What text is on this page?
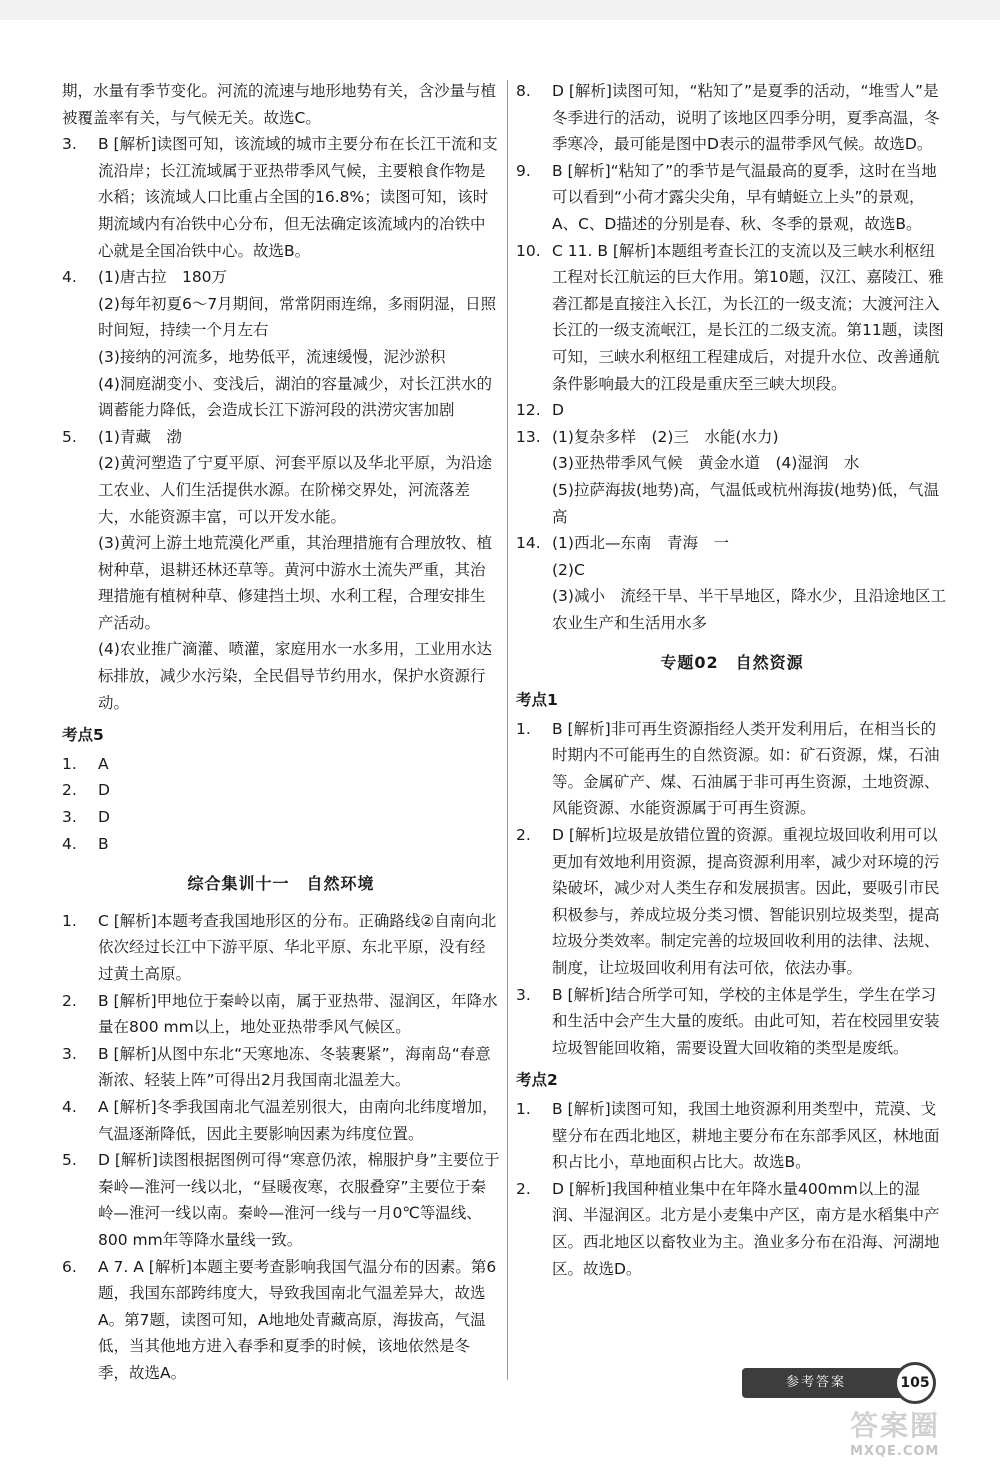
期，水量有季节变化。河流的流速与地形地势有关，含沙量与植被覆盖率有关，与气候无关。故选C。

3.	B [解析]读图可知，该流域的城市主要分布在长江干流和支流沿岸；长江流域属于亚热带季风气候，主要粮食作物是水稻；该流域人口比重占全国的16.8%；读图可知，该时期流域内有冶铁中心分布，但无法确定该流域内的冶铁中心就是全国冶铁中心。故选B。

4.	(1)唐古拉　180万

(2)每年初夏6～7月期间，常常阴雨连绵，多雨阴湿，日照时间短，持续一个月左右

(3)接纳的河流多，地势低平，流速缓慢，泥沙淤积

(4)洞庭湖变小、变浅后，湖泊的容量减少，对长江洪水的调蓄能力降低，会造成长江下游河段的洪涝灾害加剧

5.	(1)青藏　渤

(2)黄河塑造了宁夏平原、河套平原以及华北平原，为沿途工农业、人们生活提供水源。在阶梯交界处，河流落差大，水能资源丰富，可以开发水能。

(3)黄河上游土地荒漠化严重，其治理措施有合理放牧、植树种草，退耕还林还草等。黄河中游水土流失严重，其治理措施有植树种草、修建挡土坝、水利工程，合理安排生产活动。

(4)农业推广滴灌、喷灌，家庭用水一水多用，工业用水达标排放，减少水污染，全民倡导节约用水，保护水资源行动。

考点5

1.	A

2.	D

3.	D

4.	B

综合集训十一　自然环境

1.	C [解析]本题考查我国地形区的分布。正确路线②自南向北依次经过长江中下游平原、华北平原、东北平原，没有经过黄土高原。

2.	B [解析]甲地位于秦岭以南，属于亚热带、湿润区，年降水量在800 mm以上，地处亚热带季风气候区。

3.	B [解析]从图中东北“天寒地冻、冬装裹紧”，海南岛“春意渐浓、轻装上阵”可得出2月我国南北温差大。

4.	A [解析]冬季我国南北气温差别很大，由南向北纬度增加，气温逐渐降低，因此主要影响因素为纬度位置。

5.	D [解析]读图根据图例可得“寒意仍浓，棉服护身”主要位于秦岭—淮河一线以北，“昼暖夜寒，衣服叠穿”主要位于秦岭—淮河一线以南。秦岭—淮河一线与一月0℃等温线、800 mm年等降水量线一致。

6.	A 7. A [解析]本题主要考查影响我国气温分布的因素。第6题，我国东部跨纬度大，导致我国南北气温差异大，故选A。第7题，读图可知，A地地处青藏高原，海拔高，气温低，当其他地方进入春季和夏季的时候，该地依然是冬季，故选A。

8.	D [解析]读图可知，“粘知了”是夏季的活动，“堆雪人”是冬季进行的活动，说明了该地区四季分明，夏季高温，冬季寒冷，最可能是图中D表示的温带季风气候。故选D。

9.	B [解析]“粘知了”的季节是气温最高的夏季，这时在当地可以看到“小荷才露尖尖角，早有蜻蜓立上头”的景观，A、C、D描述的分别是春、秋、冬季的景观，故选B。

10. C 11. B [解析]本题组考查长江的支流以及三峡水利枢纽工程对长江航运的巨大作用。第10题，汉江、嘉陵江、雅砻江都是直接注入长江，为长江的一级支流；大渡河注入长江的一级支流岷江，是长江的二级支流。第11题，读图可知，三峡水利枢纽工程建成后，对提升水位、改善通航条件影响最大的江段是重庆至三峡大坝段。

12. D

13. (1)复杂多样　(2)三　水能(水力)

(3)亚热带季风气候　黄金水道　(4)湿润　水

(5)拉萨海拔(地势)高，气温低或杭州海拔(地势)低，气温高

14. (1)西北—东南　青海　一

(2)C

(3)减小　流经干旱、半干旱地区，降水少，且沿途地区工农业生产和生活用水多

专题02　自然资源
考点1

1.	B [解析]非可再生资源指经人类开发利用后，在相当长的时期内不可能再生的自然资源。如：矿石资源，煤，石油等。金属矿产、煤、石油属于非可再生资源，土地资源、风能资源、水能资源属于可再生资源。

2.	D [解析]垃圾是放错位置的资源。重视垃圾回收利用可以更加有效地利用资源，提高资源利用率，减少对环境的污染破坏，减少对人类生存和发展损害。因此，要吸引市民积极参与，养成垃圾分类习惯、智能识别垃圾类型，提高垃圾分类效率。制定完善的垃圾回收利用的法律、法规、制度，让垃圾回收利用有法可依，依法办事。

3.	B [解析]结合所学可知，学校的主体是学生，学生在学习和生活中会产生大量的废纸。由此可知，若在校园里安装垃圾智能回收箱，需要设置大回收箱的类型是废纸。

考点2

1.	B [解析]读图可知，我国土地资源利用类型中，荒漠、戈壁分布在西北地区，耕地主要分布在东部季风区，林地面积占比小，草地面积占比大。故选B。

2.	D [解析]我国种植业集中在年降水量400mm以上的湿润、半湿润区。北方是小麦集中产区，南方是水稻集中产区。西北地区以畜牧业为主。渔业多分布在沿海、河湖地区。故选D。

参考答案	105
答案圈
MXQE.COM
